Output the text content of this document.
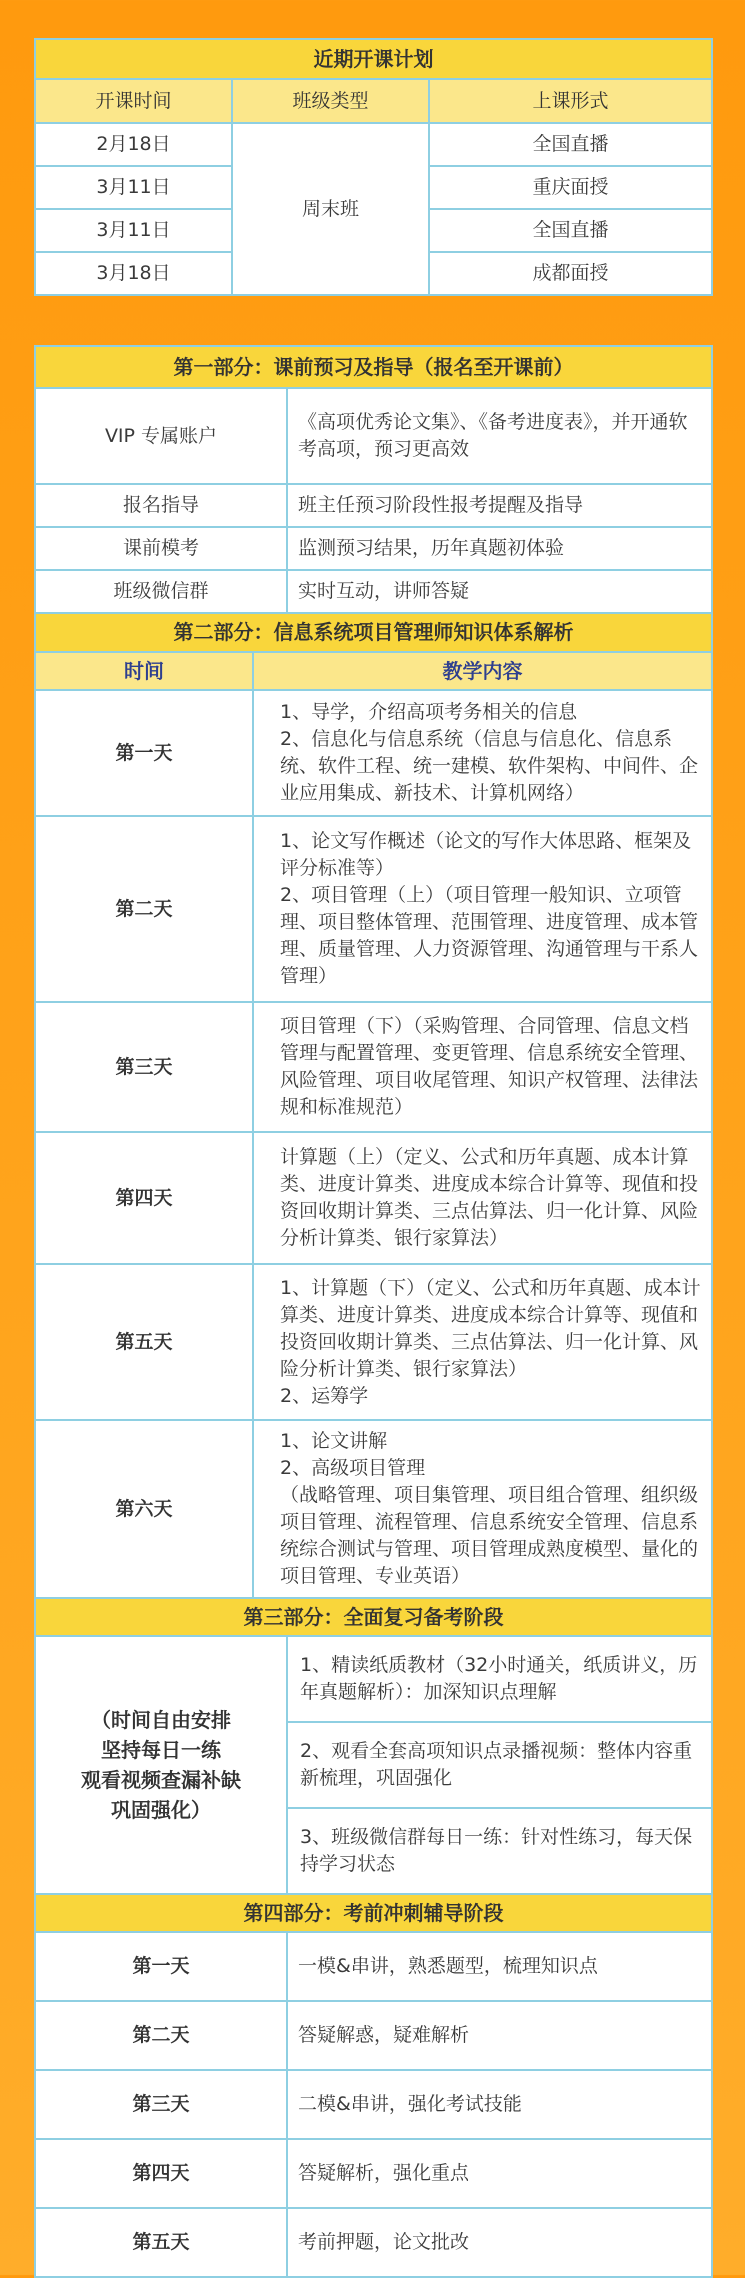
近期开课计划		
开课时间	班级类型	上课形式
2月18日	周末班	全国直播
3月11日		重庆面授
3月11日		全国直播
3月18日		成都面授
第一部分：课前预习及指导（报名至开课前）		
VIP 专属账户		《高项优秀论文集》、《备考进度表》，并开通软考高项，预习更高效
报名指导		班主任预习阶段性报考提醒及指导
课前模考		监测预习结果，历年真题初体验
班级微信群		实时互动，讲师答疑
第二部分：信息系统项目管理师知识体系解析		
时间	教学内容	
第一天	1、导学，介绍高项考务相关的信息
2、信息化与信息系统（信息与信息化、信息系统、软件工程、统一建模、软件架构、中间件、企业应用集成、新技术、计算机网络）	
第二天	1、论文写作概述（论文的写作大体思路、框架及评分标准等）
2、项目管理（上）（项目管理一般知识、立项管理、项目整体管理、范围管理、进度管理、成本管理、质量管理、人力资源管理、沟通管理与干系人管理）	
第三天	项目管理（下）（采购管理、合同管理、信息文档管理与配置管理、变更管理、信息系统安全管理、风险管理、项目收尾管理、知识产权管理、法律法规和标准规范）	
第四天	计算题（上）（定义、公式和历年真题、成本计算类、进度计算类、进度成本综合计算等、现值和投资回收期计算类、三点估算法、归一化计算、风险分析计算类、银行家算法）	
第五天	1、计算题（下）（定义、公式和历年真题、成本计算类、进度计算类、进度成本综合计算等、现值和投资回收期计算类、三点估算法、归一化计算、风险分析计算类、银行家算法）
2、运筹学	
第六天	1、论文讲解
2、高级项目管理
（战略管理、项目集管理、项目组合管理、组织级项目管理、流程管理、信息系统安全管理、信息系统综合测试与管理、项目管理成熟度模型、量化的项目管理、专业英语）	
第三部分：全面复习备考阶段		
（时间自由安排
坚持每日一练
观看视频查漏补缺
巩固强化）		1、精读纸质教材（32小时通关，纸质讲义，历年真题解析）：加深知识点理解
		2、观看全套高项知识点录播视频：整体内容重新梳理，巩固强化
		3、班级微信群每日一练：针对性练习，每天保持学习状态
第四部分：考前冲刺辅导阶段		
第一天		一模&串讲，熟悉题型，梳理知识点
第二天		答疑解惑，疑难解析
第三天		二模&串讲，强化考试技能
第四天		答疑解析，强化重点
第五天		考前押题，论文批改
